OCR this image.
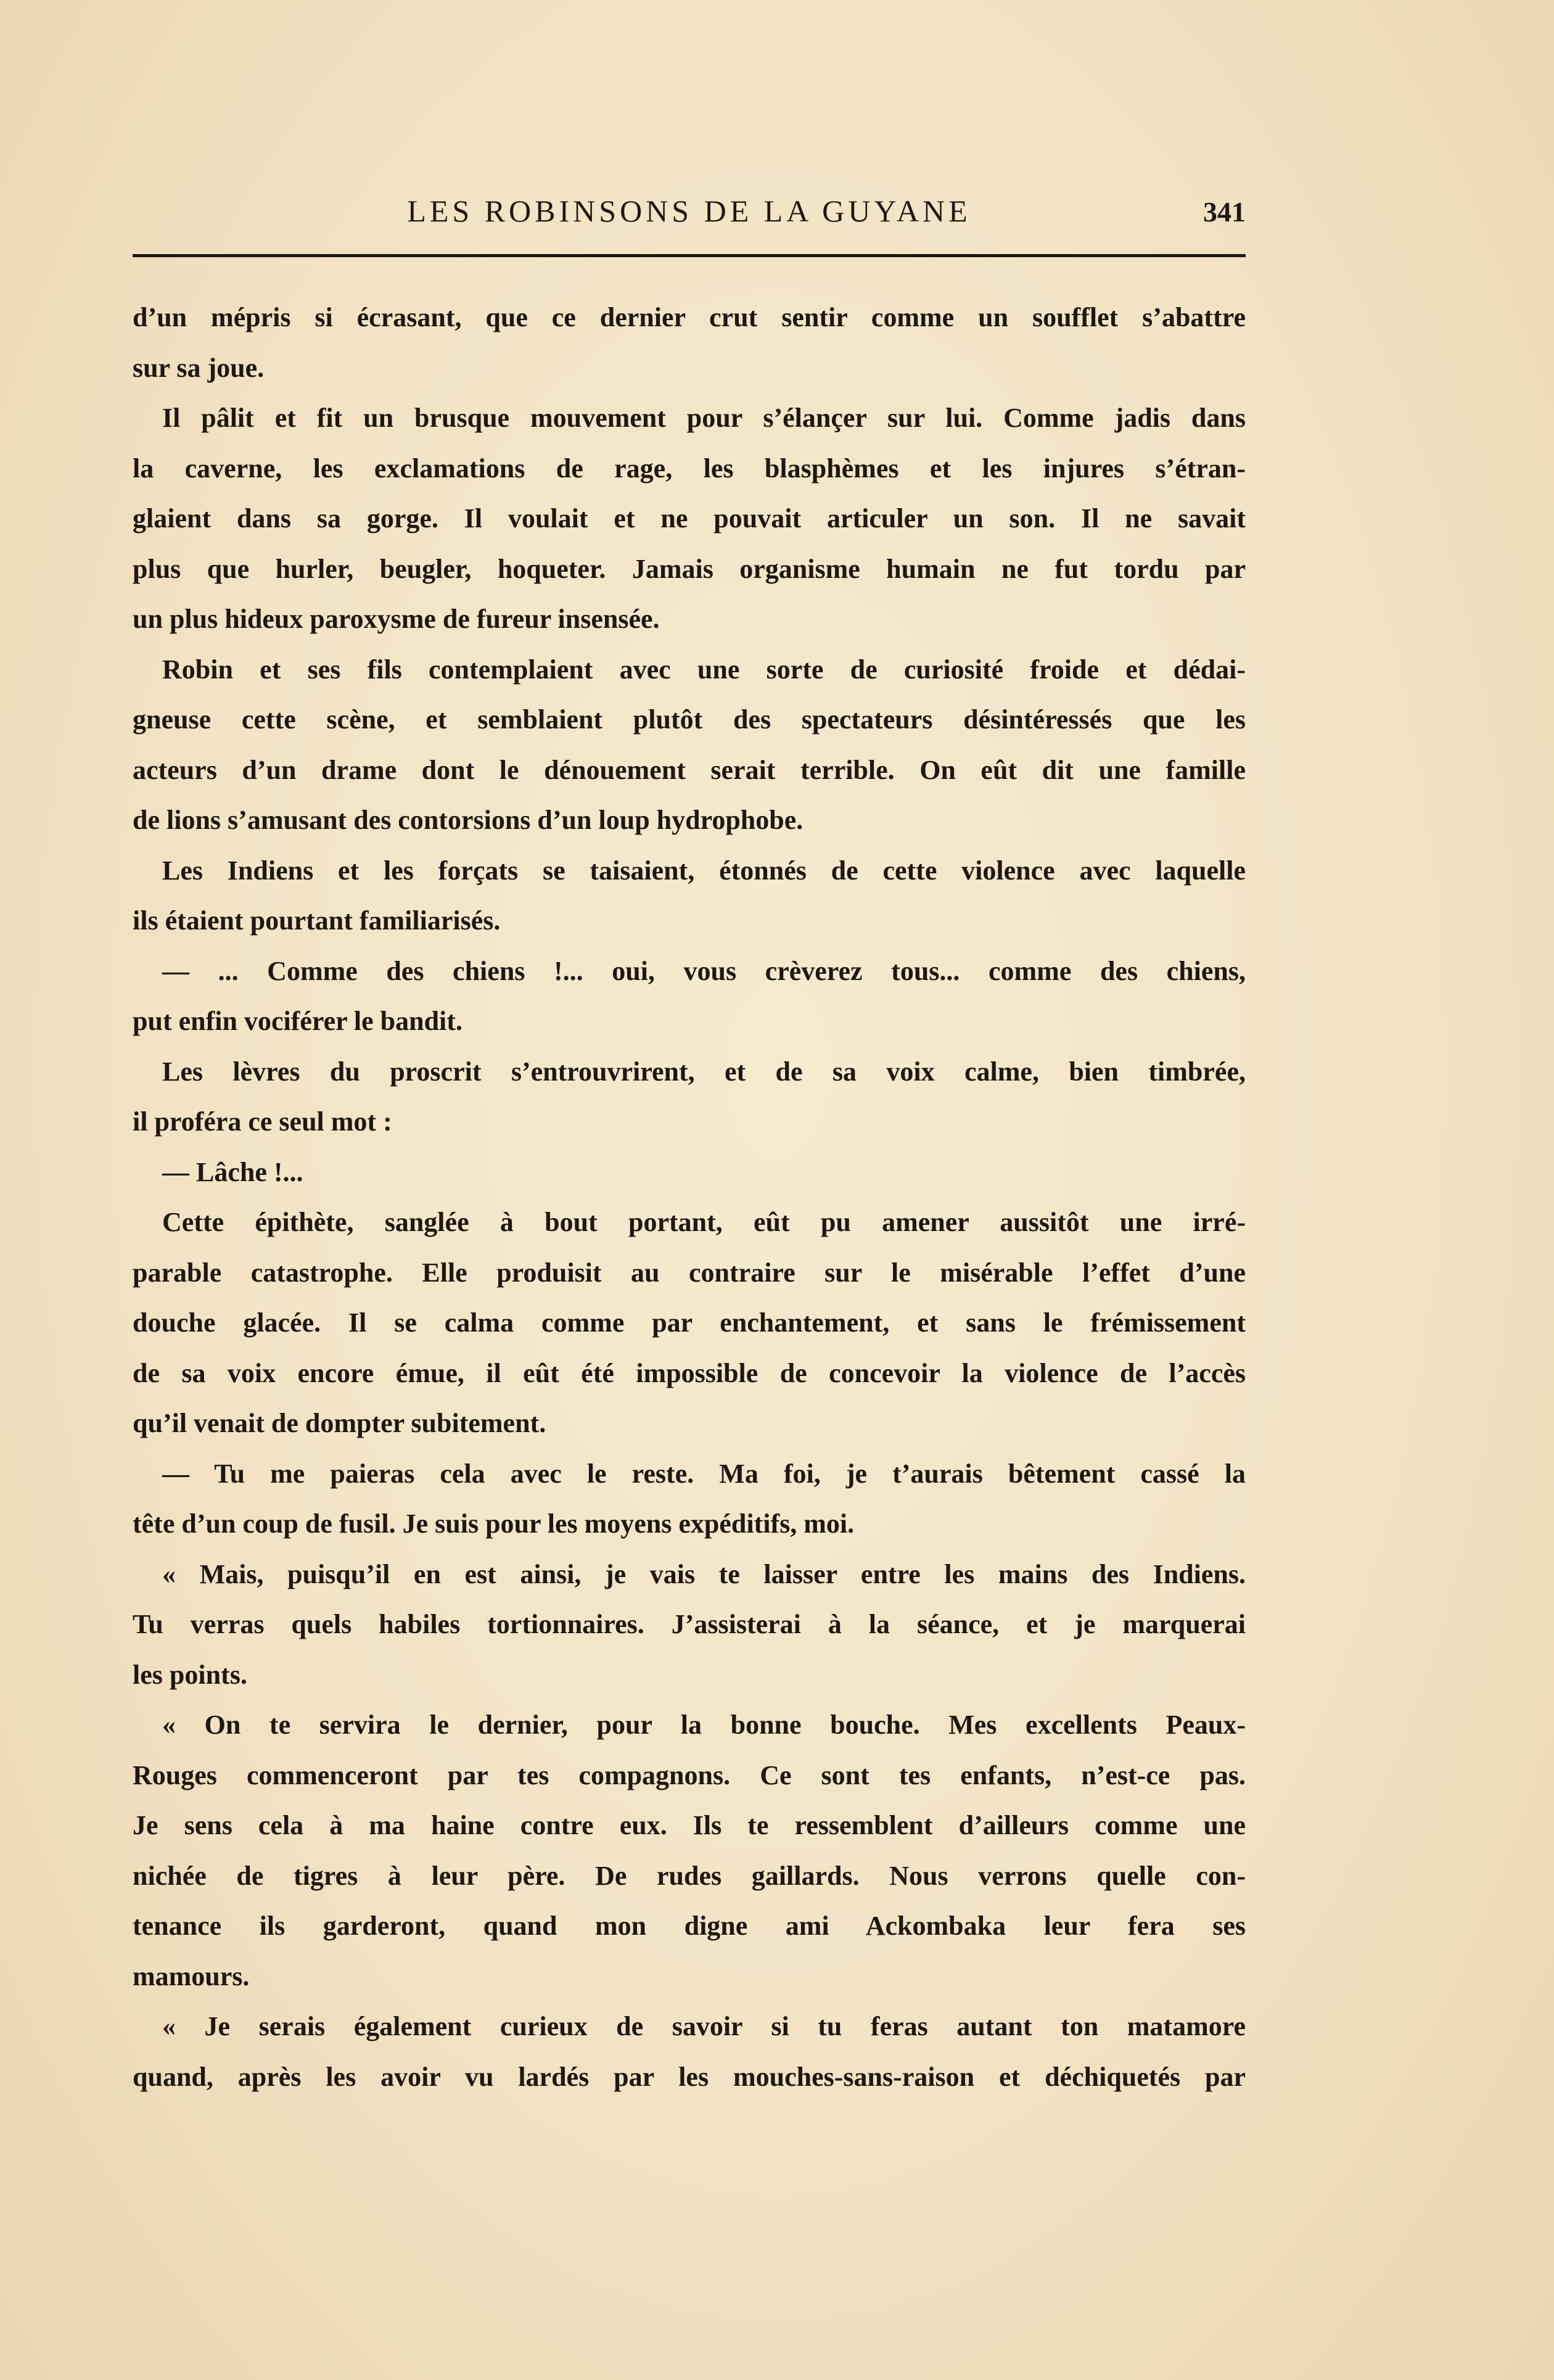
LES ROBINSONS DE LA GUYANE	341
d’un mépris si écrasant, que ce dernier crut sentir comme un soufflet s’abattre
sur sa joue.
Il pâlit et fit un brusque mouvement pour s’élançer sur lui. Comme jadis dans
la caverne, les exclamations de rage, les blasphèmes et les injures s’étran-
glaient dans sa gorge. Il voulait et ne pouvait articuler un son. Il ne savait
plus que hurler, beugler, hoqueter. Jamais organisme humain ne fut tordu par
un plus hideux paroxysme de fureur insensée.
Robin et ses fils contemplaient avec une sorte de curiosité froide et dédai-
gneuse cette scène, et semblaient plutôt des spectateurs désintéressés que les
acteurs d’un drame dont le dénouement serait terrible. On eût dit une famille
de lions s’amusant des contorsions d’un loup hydrophobe.
Les Indiens et les forçats se taisaient, étonnés de cette violence avec laquelle
ils étaient pourtant familiarisés.
— ... Comme des chiens !... oui, vous crèverez tous... comme des chiens,
put enfin vociférer le bandit.
Les lèvres du proscrit s’entrouvrirent, et de sa voix calme, bien timbrée,
il proféra ce seul mot :
— Lâche !...
Cette épithète, sanglée à bout portant, eût pu amener aussitôt une irré-
parable catastrophe. Elle produisit au contraire sur le misérable l’effet d’une
douche glacée. Il se calma comme par enchantement, et sans le frémissement
de sa voix encore émue, il eût été impossible de concevoir la violence de l’accès
qu’il venait de dompter subitement.
— Tu me paieras cela avec le reste. Ma foi, je t’aurais bêtement cassé la
tête d’un coup de fusil. Je suis pour les moyens expéditifs, moi.
« Mais, puisqu’il en est ainsi, je vais te laisser entre les mains des Indiens.
Tu verras quels habiles tortionnaires. J’assisterai à la séance, et je marquerai
les points.
« On te servira le dernier, pour la bonne bouche. Mes excellents Peaux-
Rouges commenceront par tes compagnons. Ce sont tes enfants, n’est-ce pas.
Je sens cela à ma haine contre eux. Ils te ressemblent d’ailleurs comme une
nichée de tigres à leur père. De rudes gaillards. Nous verrons quelle con-
tenance ils garderont, quand mon digne ami Ackombaka leur fera ses
mamours.
« Je serais également curieux de savoir si tu feras autant ton matamore
quand, après les avoir vu lardés par les mouches-sans-raison et déchiquetés par
